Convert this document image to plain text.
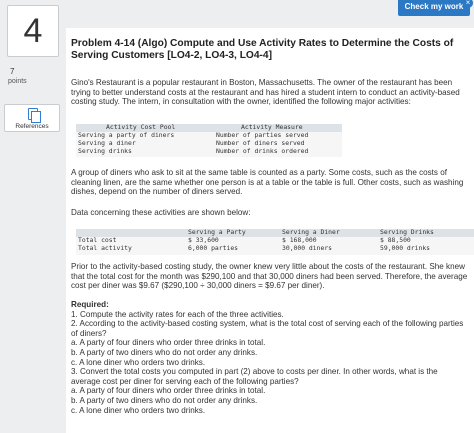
4
7
points
References
Check my work ×
Problem 4-14 (Algo) Compute and Use Activity Rates to Determine the Costs of Serving Customers [LO4-2, LO4-3, LO4-4]
Gino's Restaurant is a popular restaurant in Boston, Massachusetts. The owner of the restaurant has been trying to better understand costs at the restaurant and has hired a student intern to conduct an activity-based costing study. The intern, in consultation with the owner, identified the following major activities:
Activity Cost Pool	Activity Measure
Serving a party of diners	Number of parties served
Serving a diner	Number of diners served
Serving drinks	Number of drinks ordered
A group of diners who ask to sit at the same table is counted as a party. Some costs, such as the costs of cleaning linen, are the same whether one person is at a table or the table is full. Other costs, such as washing dishes, depend on the number of diners served.
Data concerning these activities are shown below:
Serving a Party	Serving a Diner	Serving Drinks
Total cost	$ 33,600	$ 168,000	$ 88,500
Total activity	6,000 parties	30,000 diners	59,000 drinks
Prior to the activity-based costing study, the owner knew very little about the costs of the restaurant. She knew that the total cost for the month was $290,100 and that 30,000 diners had been served. Therefore, the average cost per diner was $9.67 ($290,100 ÷ 30,000 diners = $9.67 per diner).
Required:
1. Compute the activity rates for each of the three activities.
2. According to the activity-based costing system, what is the total cost of serving each of the following parties of diners?
a. A party of four diners who order three drinks in total.
b. A party of two diners who do not order any drinks.
c. A lone diner who orders two drinks.
3. Convert the total costs you computed in part (2) above to costs per diner. In other words, what is the average cost per diner for serving each of the following parties?
a. A party of four diners who order three drinks in total.
b. A party of two diners who do not order any drinks.
c. A lone diner who orders two drinks.
